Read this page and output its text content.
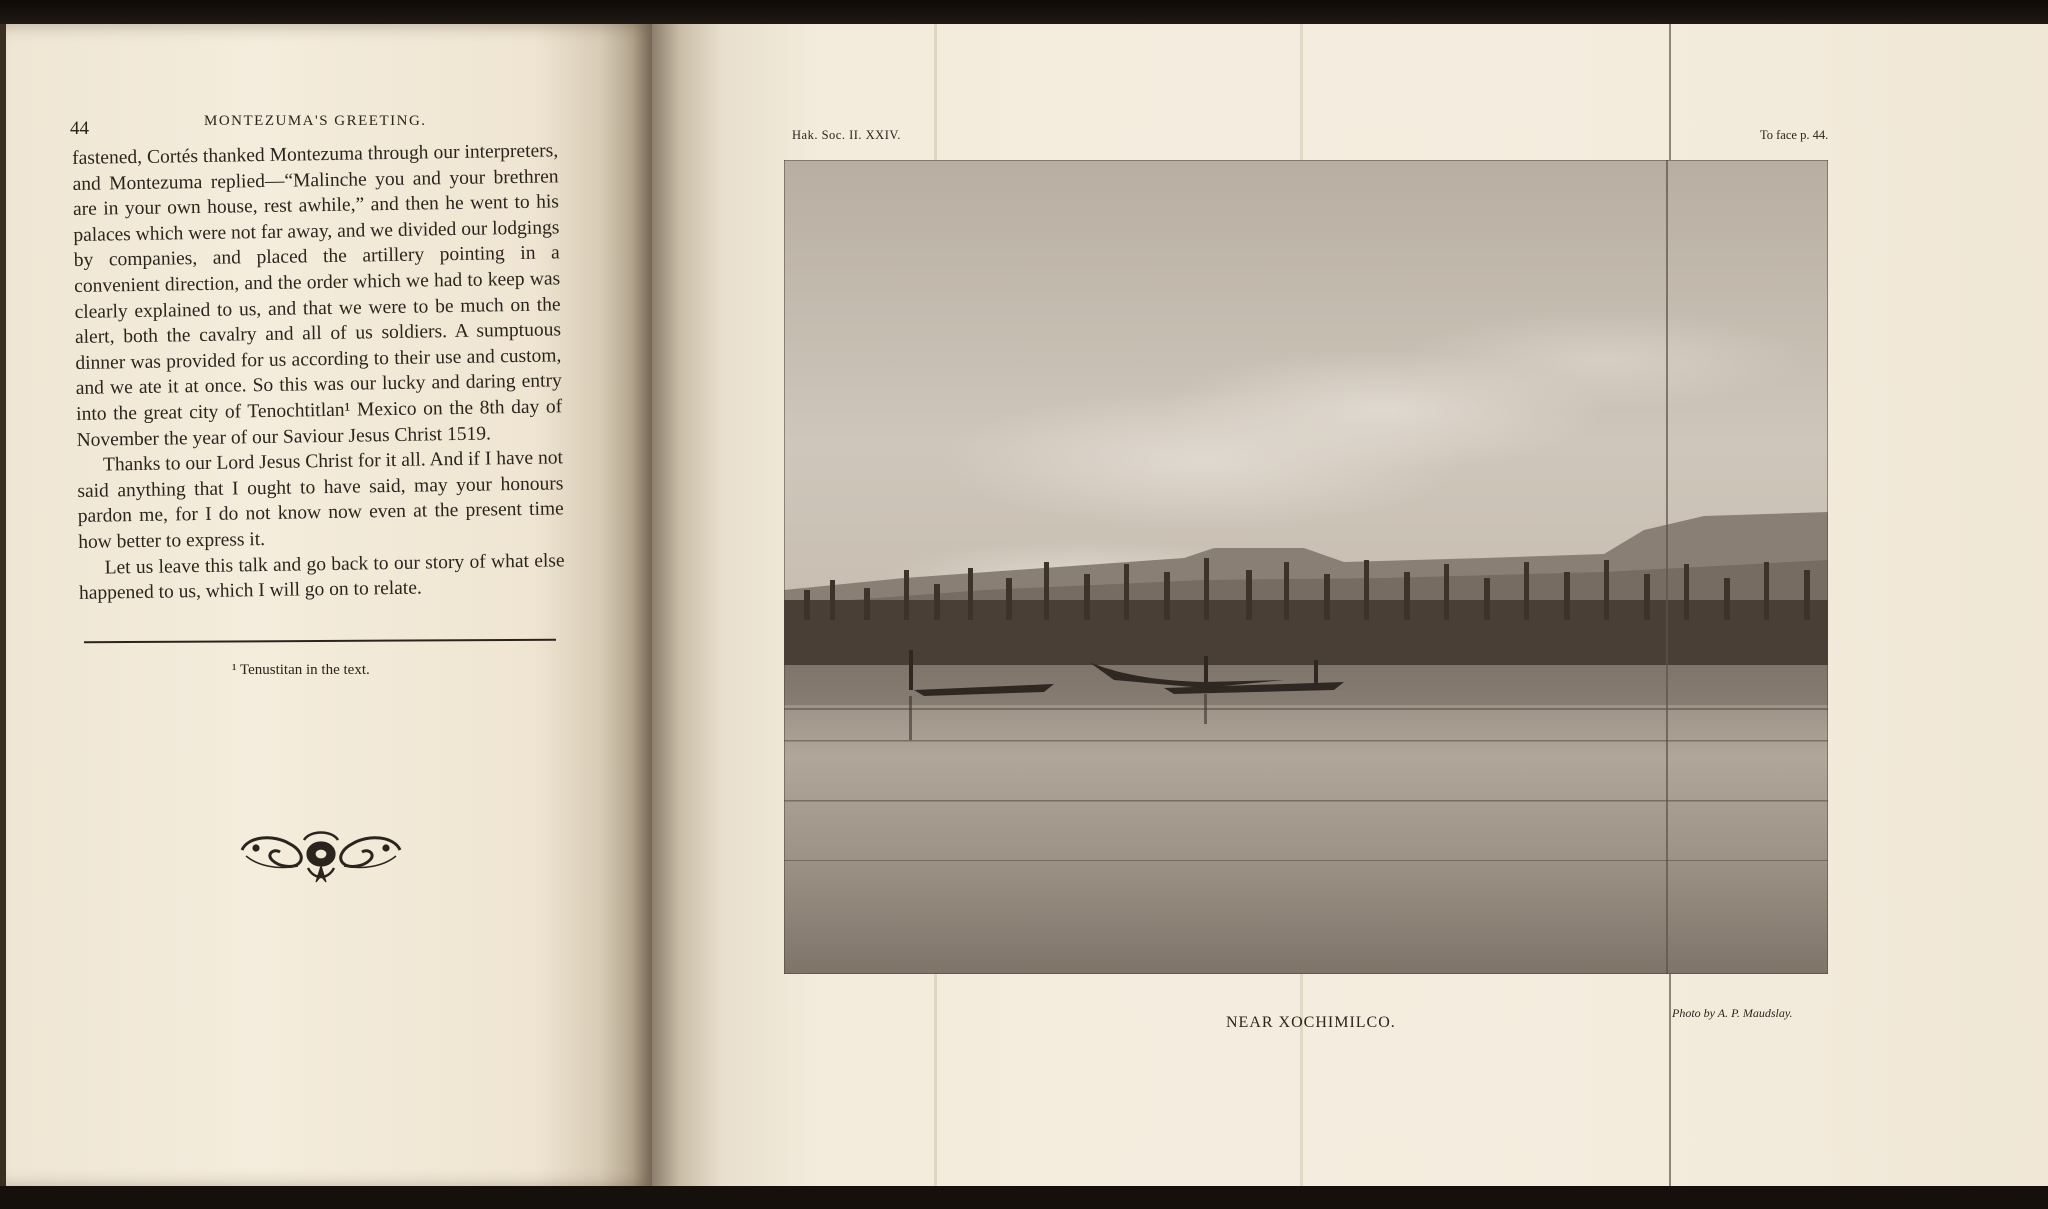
44	MONTEZUMA'S GREETING.

fastened, Cortés thanked Montezuma through our interpreters, and Montezuma replied—“Malinche you and your brethren are in your own house, rest awhile,” and then he went to his palaces which were not far away, and we divided our lodgings by companies, and placed the artillery pointing in a convenient direction, and the order which we had to keep was clearly explained to us, and that we were to be much on the alert, both the cavalry and all of us soldiers. A sumptuous dinner was provided for us according to their use and custom, and we ate it at once. So this was our lucky and daring entry into the great city of Tenochtitlan¹ Mexico on the 8th day of November the year of our Saviour Jesus Christ 1519.

Thanks to our Lord Jesus Christ for it all. And if I have not said anything that I ought to have said, may your honours pardon me, for I do not know now even at the present time how better to express it.

Let us leave this talk and go back to our story of what else happened to us, which I will go on to relate.

¹ Tenustitan in the text.
Hak. Soc. II. XXIV.	To face p. 44.
NEAR XOCHIMILCO.
Photo by A. P. Maudslay.
